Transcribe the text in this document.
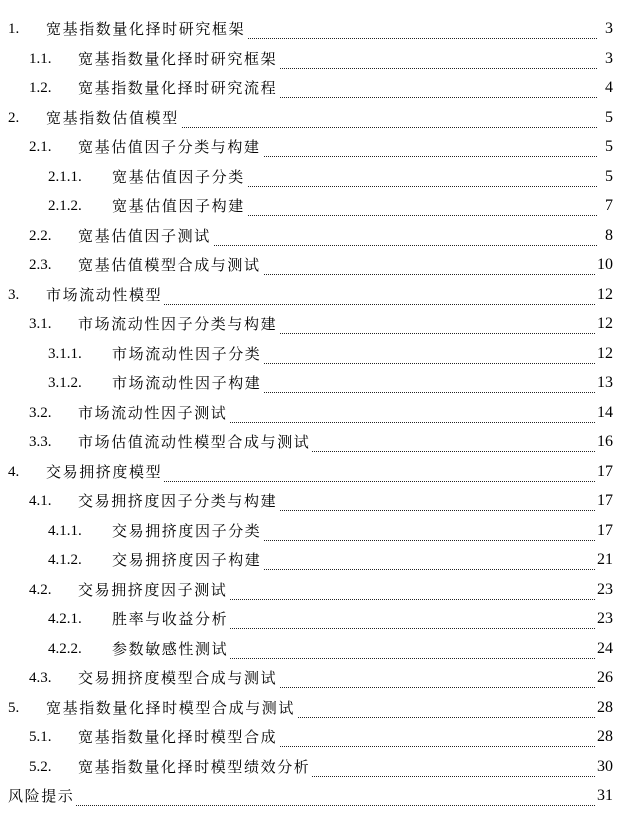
1. 宽基指数量化择时研究框架	3
1.1. 宽基指数量化择时研究框架	3
1.2. 宽基指数量化择时研究流程	4
2. 宽基指数估值模型	5
2.1. 宽基估值因子分类与构建	5
2.1.1. 宽基估值因子分类	5
2.1.2. 宽基估值因子构建	7
2.2. 宽基估值因子测试	8
2.3. 宽基估值模型合成与测试	10
3. 市场流动性模型	12
3.1. 市场流动性因子分类与构建	12
3.1.1. 市场流动性因子分类	12
3.1.2. 市场流动性因子构建	13
3.2. 市场流动性因子测试	14
3.3. 市场估值流动性模型合成与测试	16
4. 交易拥挤度模型	17
4.1. 交易拥挤度因子分类与构建	17
4.1.1. 交易拥挤度因子分类	17
4.1.2. 交易拥挤度因子构建	21
4.2. 交易拥挤度因子测试	23
4.2.1. 胜率与收益分析	23
4.2.2. 参数敏感性测试	24
4.3. 交易拥挤度模型合成与测试	26
5. 宽基指数量化择时模型合成与测试	28
5.1. 宽基指数量化择时模型合成	28
5.2. 宽基指数量化择时模型绩效分析	30
风险提示	31
